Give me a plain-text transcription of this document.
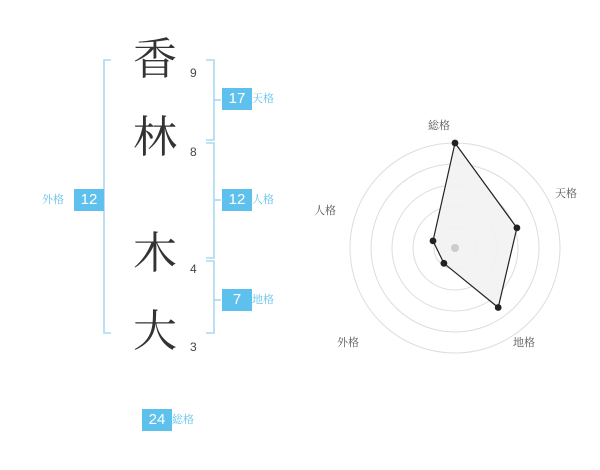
香
林
木
大
9
8
4
3
17 天格
12 人格
7 地格
12
外格
24 総格
総格
天格
地格
外格
人格
